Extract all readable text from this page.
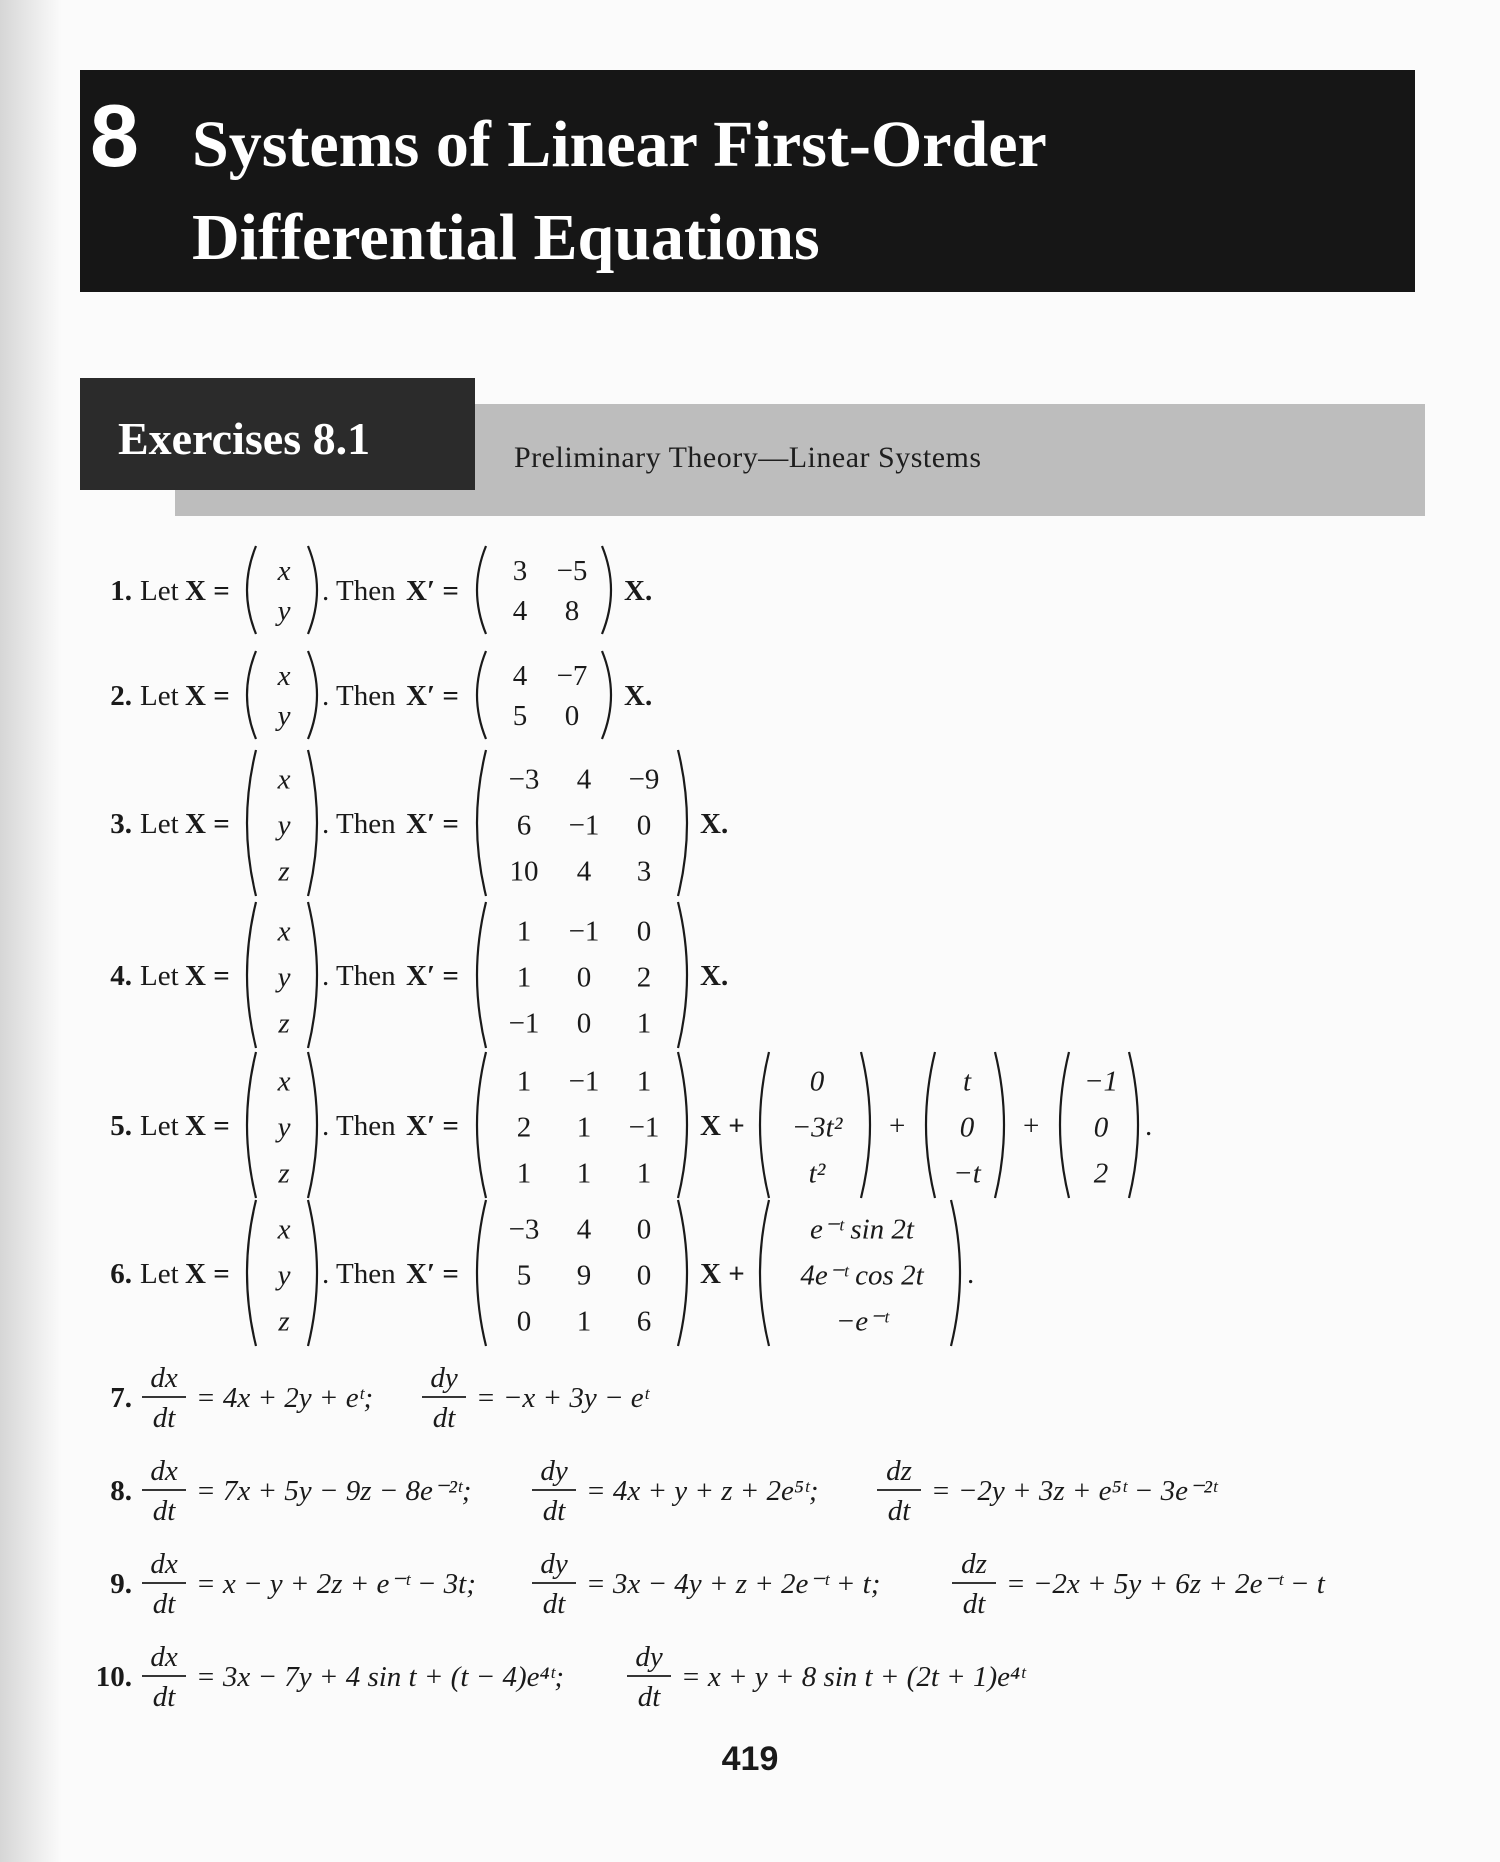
8 Systems of Linear First-Order
Differential Equations
Exercises 8.1	Preliminary Theory—Linear Systems
1. Let X =
x
y
. Then X′ =
3 −5
4 8
X.
2. Let X =
x
y
. Then X′ =
4 −7
5 0
X.
3. Let X =
x
y
z
. Then X′ =
−3 4 −9
6 −1 0
10 4 3
X.
4. Let X =
x
y
z
. Then X′ =
1 −1 0
1 0 2
−1 0 1
X.
5. Let X =
x
y
z
. Then X′ =
1 −1 1
2 1 −1
1 1 1
X +
0
−3t²
t²
+
t
0
−t
+
−1
0
2
.
6. Let X =
x
y
z
. Then X′ =
−3 4 0
5 9 0
0 1 6
X +
e⁻ᵗ sin 2t
4e⁻ᵗ cos 2t
−e⁻ᵗ
.
7.
dx
dt
= 4x + 2y + eᵗ;
dy
dt
= −x + 3y − eᵗ
8.
dx
dt
= 7x + 5y − 9z − 8e⁻²ᵗ;
dy
dt
= 4x + y + z + 2e⁵ᵗ;
dz
dt
= −2y + 3z + e⁵ᵗ − 3e⁻²ᵗ
9.
dx
dt
= x − y + 2z + e⁻ᵗ − 3t;
dy
dt
= 3x − 4y + z + 2e⁻ᵗ + t;
dz
dt
= −2x + 5y + 6z + 2e⁻ᵗ − t
10.
dx
dt
= 3x − 7y + 4 sin t + (t − 4)e⁴ᵗ;
dy
dt
= x + y + 8 sin t + (2t + 1)e⁴ᵗ
419
